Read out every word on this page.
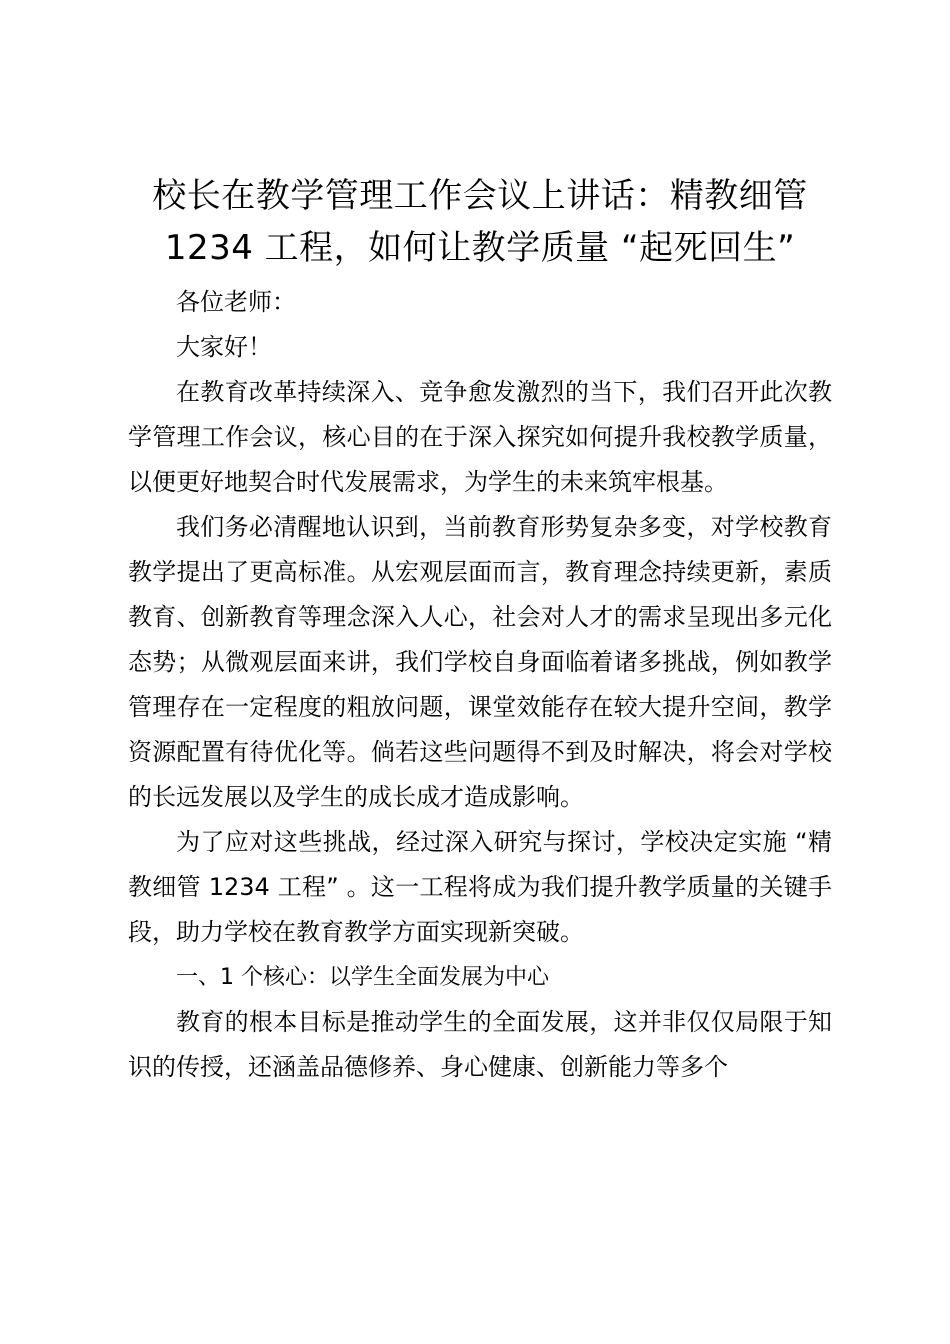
校长在教学管理工作会议上讲话：精教细管 1234 工程，如何让教学质量 “起死回生”

各位老师：

大家好！

在教育改革持续深入、竞争愈发激烈的当下，我们召开此次教学管理工作会议，核心目的在于深入探究如何提升我校教学质量，以便更好地契合时代发展需求，为学生的未来筑牢根基。

我们务必清醒地认识到，当前教育形势复杂多变，对学校教育教学提出了更高标准。从宏观层面而言，教育理念持续更新，素质教育、创新教育等理念深入人心，社会对人才的需求呈现出多元化态势；从微观层面来讲，我们学校自身面临着诸多挑战，例如教学管理存在一定程度的粗放问题，课堂效能存在较大提升空间，教学资源配置有待优化等。倘若这些问题得不到及时解决，将会对学校的长远发展以及学生的成长成才造成影响。

为了应对这些挑战，经过深入研究与探讨，学校决定实施 “精教细管 1234 工程” 。这一工程将成为我们提升教学质量的关键手段，助力学校在教育教学方面实现新突破。

一、1 个核心：以学生全面发展为中心

教育的根本目标是推动学生的全面发展，这并非仅仅局限于知识的传授，还涵盖品德修养、身心健康、创新能力等多个
